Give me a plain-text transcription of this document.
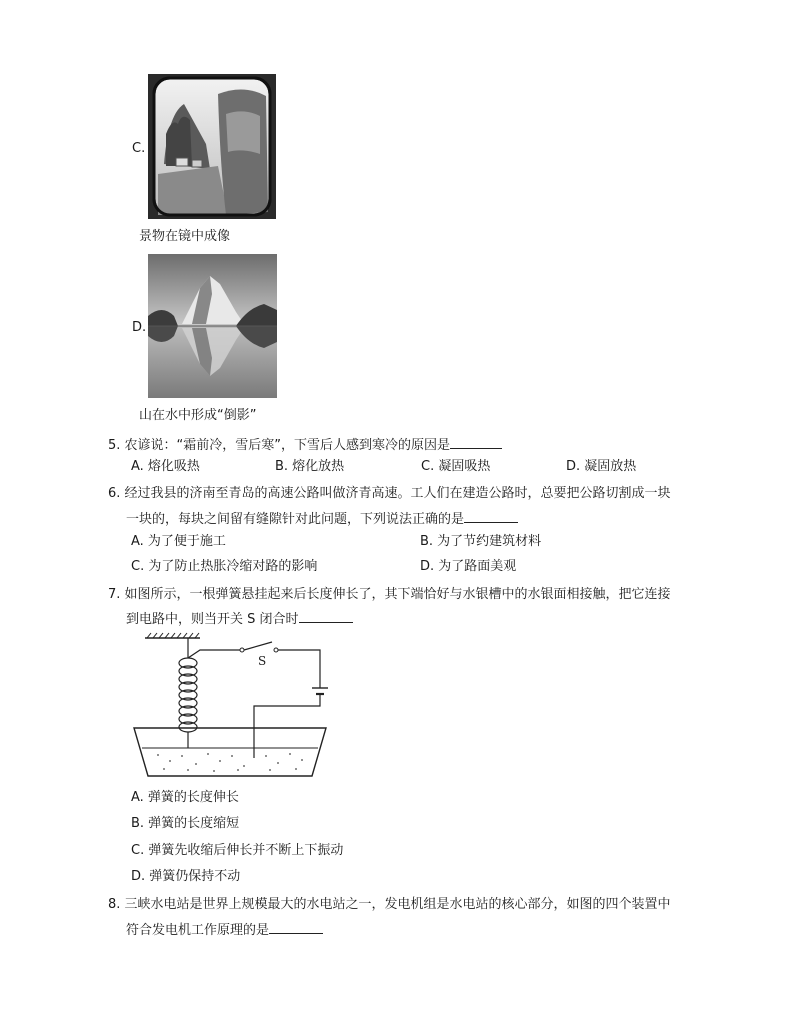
C.
景物在镜中成像
D.
山在水中形成“倒影”
5. 农谚说：“霜前冷，雪后寒”，下雪后人感到寒冷的原因是
A. 熔化吸热	B. 熔化放热	C. 凝固吸热	D. 凝固放热
6. 经过我县的济南至青岛的高速公路叫做济青高速。工人们在建造公路时，总要把公路切割成一块
一块的，每块之间留有缝隙针对此问题，下列说法正确的是
A. 为了便于施工	B. 为了节约建筑材料
C. 为了防止热胀冷缩对路的影响	D. 为了路面美观
7. 如图所示，一根弹簧悬挂起来后长度伸长了，其下端恰好与水银槽中的水银面相接触，把它连接
到电路中，则当开关 S 闭合时
S
A. 弹簧的长度伸长
B. 弹簧的长度缩短
C. 弹簧先收缩后伸长并不断上下振动
D. 弹簧仍保持不动
8. 三峡水电站是世界上规模最大的水电站之一，发电机组是水电站的核心部分，如图的四个装置中
符合发电机工作原理的是
